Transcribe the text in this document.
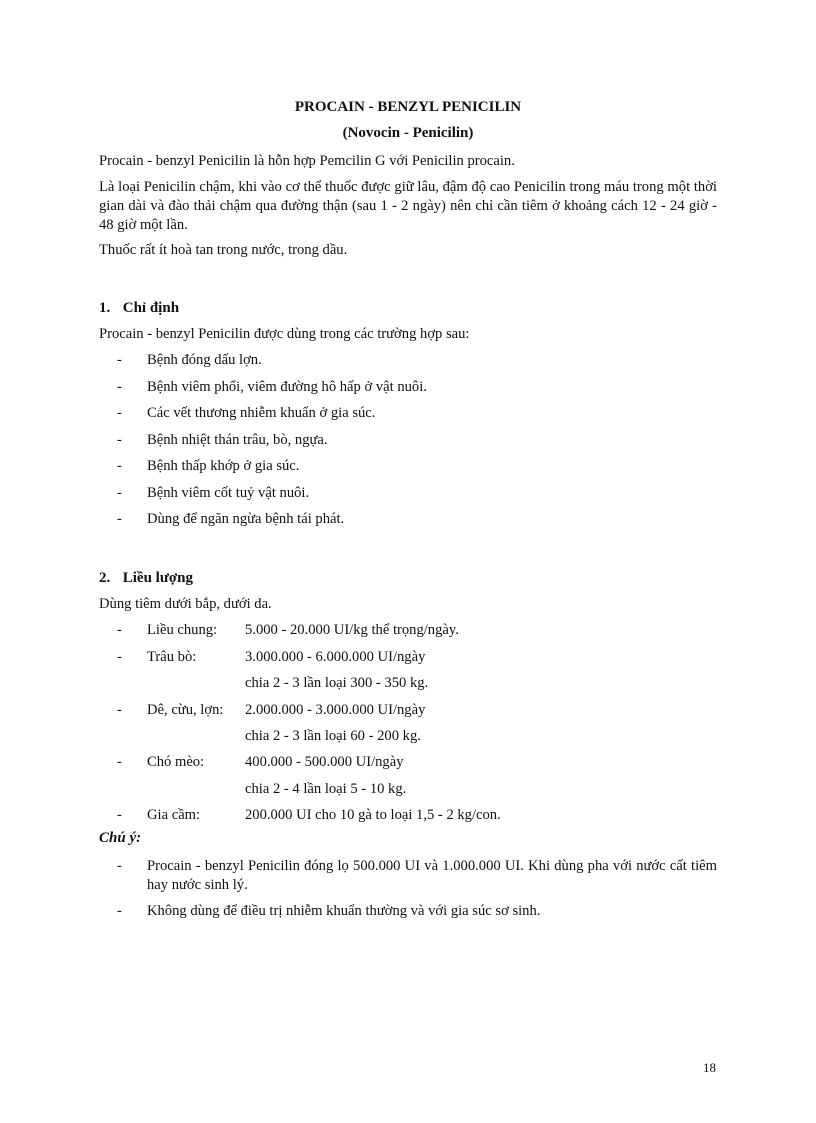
PROCAIN - BENZYL PENICILIN
(Novocin - Penicilin)
Procain - benzyl Penicilin là hỗn hợp Pemcilin G với Penicilin procain.
Là loại Penicilin chậm, khi vào cơ thể thuốc được giữ lâu, đậm độ cao Penicilin trong máu trong một thời gian dài và đào thải chậm qua đường thận (sau 1 - 2 ngày) nên chỉ cần tiêm ở khoảng cách 12 - 24 giờ - 48 giờ một lần.
Thuốc rất ít hoà tan trong nước, trong dầu.
1. Chỉ định
Procain - benzyl Penicilin được dùng trong các trường hợp sau:
- Bệnh đóng dấu lợn.
- Bệnh viêm phổi, viêm đường hô hấp ở vật nuôi.
- Các vết thương nhiễm khuẩn ở gia súc.
- Bệnh nhiệt thán trâu, bò, ngựa.
- Bệnh thấp khớp ở gia súc.
- Bệnh viêm cốt tuỷ vật nuôi.
- Dùng để ngăn ngừa bệnh tái phát.
2. Liều lượng
Dùng tiêm dưới bắp, dưới da.
- Liều chung: 5.000 - 20.000 UI/kg thể trọng/ngày.
- Trâu bò:	3.000.000 - 6.000.000 UI/ngày
chia 2 - 3 lần loại 300 - 350 kg.
- Dê, cừu, lợn: 2.000.000 - 3.000.000 UI/ngày
chia 2 - 3 lần loại 60 - 200 kg.
- Chó mèo:	400.000 - 500.000 UI/ngày
chia 2 - 4 lần loại 5 - 10 kg.
- Gia cầm:	200.000 UI cho 10 gà to loại 1,5 - 2 kg/con.
Chú ý:
- Procain - benzyl Penicilin đóng lọ 500.000 UI và 1.000.000 UI. Khi dùng pha với nước cất tiêm hay nước sinh lý.
- Không dùng để điều trị nhiễm khuẩn thường và với gia súc sơ sinh.
18
